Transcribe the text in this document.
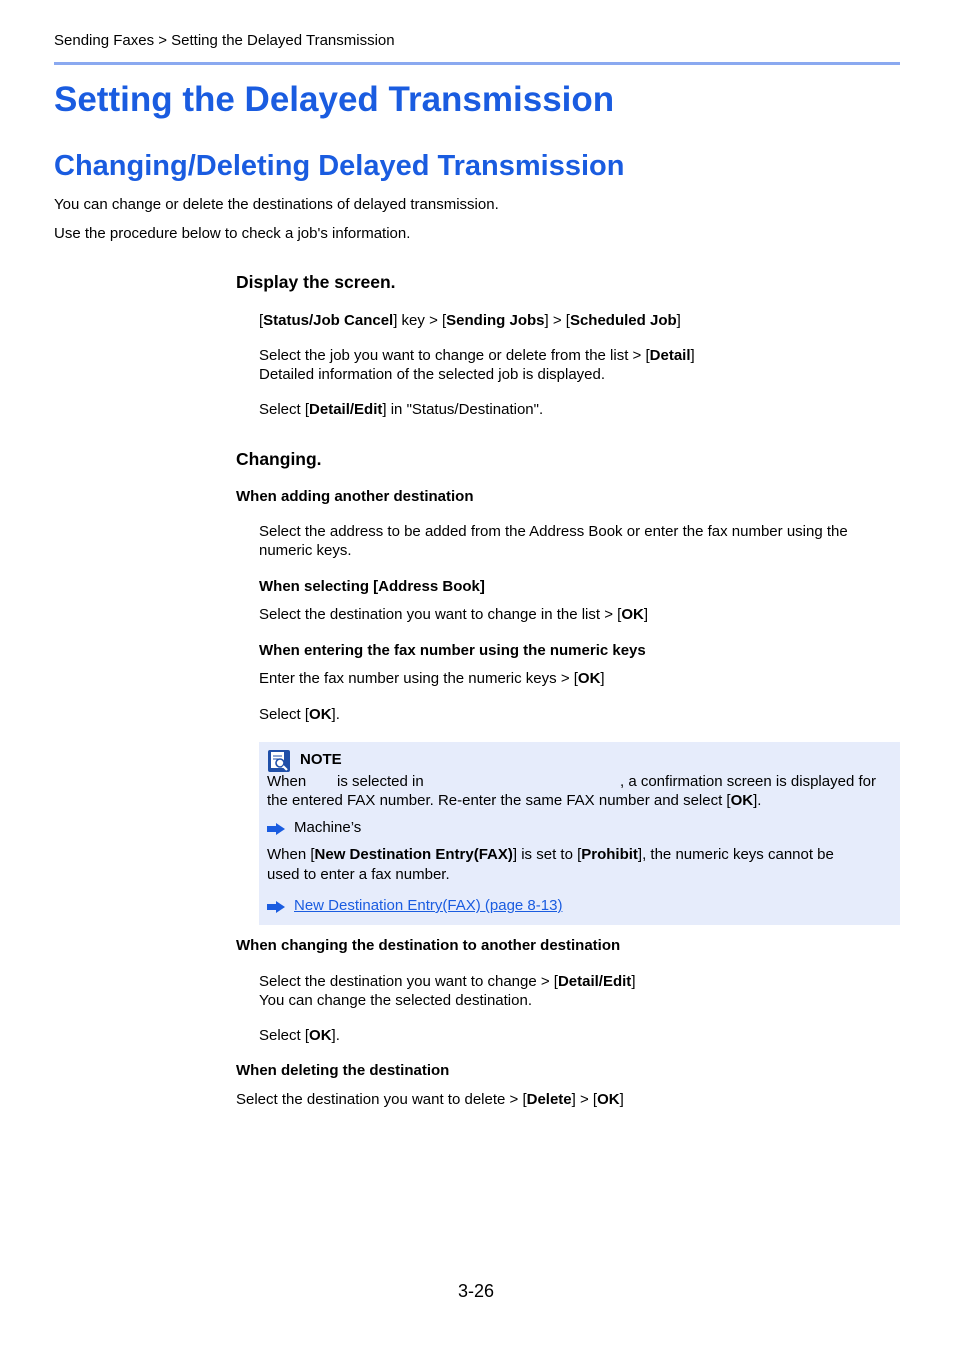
Sending Faxes > Setting the Delayed Transmission
Setting the Delayed Transmission
Changing/Deleting Delayed Transmission
You can change or delete the destinations of delayed transmission.
Use the procedure below to check a job's information.
Display the screen.
[Status/Job Cancel] key > [Sending Jobs] > [Scheduled Job]
Select the job you want to change or delete from the list > [Detail]
Detailed information of the selected job is displayed.
Select [Detail/Edit] in "Status/Destination".
Changing.
When adding another destination
Select the address to be added from the Address Book or enter the fax number using the
numeric keys.
When selecting [Address Book]
Select the destination you want to change in the list > [OK]
When entering the fax number using the numeric keys
Enter the fax number using the numeric keys > [OK]
Select [OK].
NOTE
When is selected in	, a confirmation screen is displayed for
the entered FAX number. Re-enter the same FAX number and select [OK].
Machine’s
When [New Destination Entry(FAX)] is set to [Prohibit], the numeric keys cannot be
used to enter a fax number.
New Destination Entry(FAX) (page 8-13)
When changing the destination to another destination
Select the destination you want to change > [Detail/Edit]
You can change the selected destination.
Select [OK].
When deleting the destination
Select the destination you want to delete > [Delete] > [OK]
3-26
